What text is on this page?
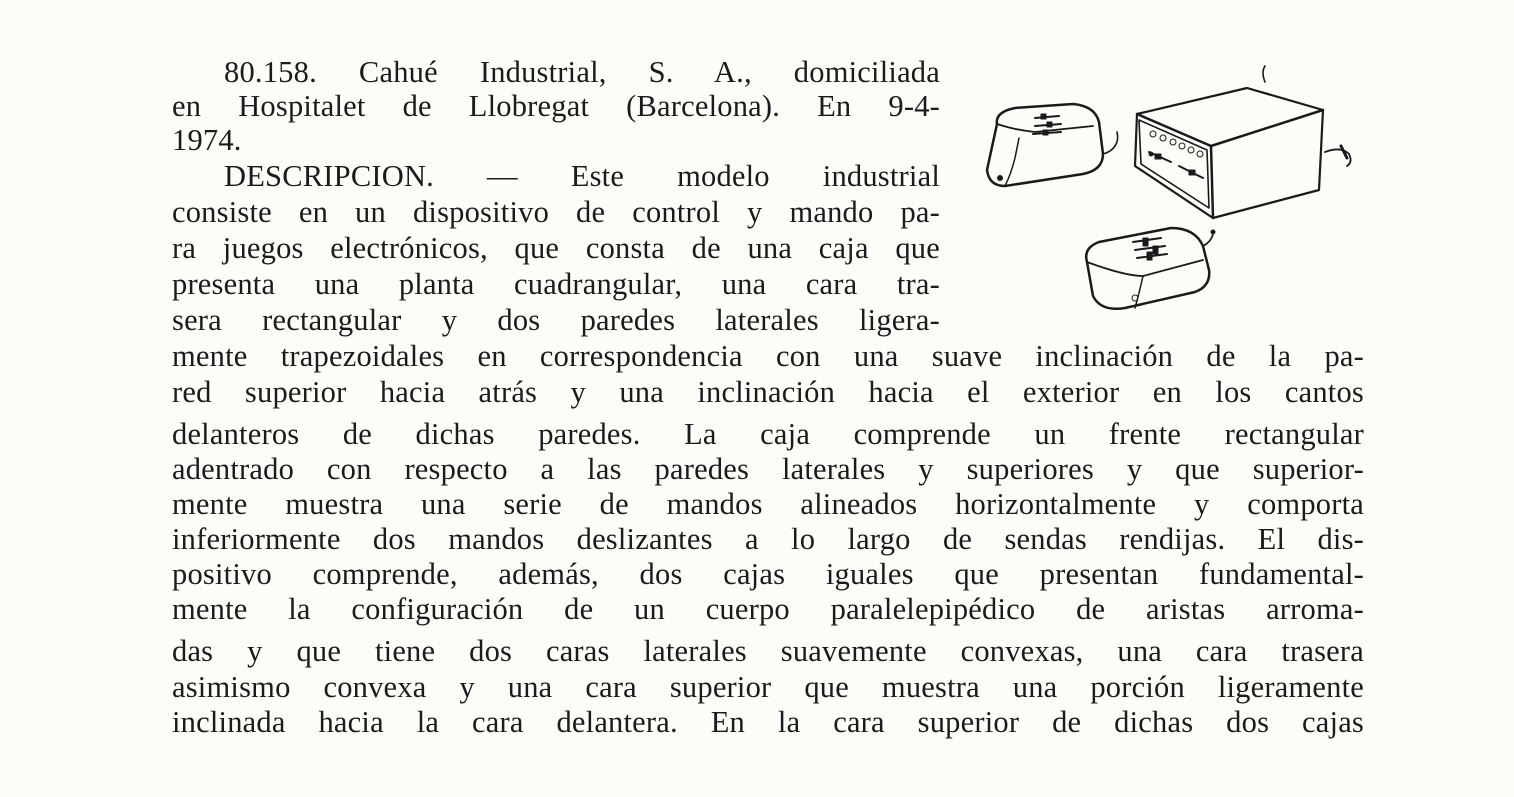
80.158. Cahué Industrial, S. A., domiciliada
en Hospitalet de Llobregat (Barcelona). En 9-4-
1974.
DESCRIPCION. — Este modelo industrial
consiste en un dispositivo de control y mando pa-
ra juegos electrónicos, que consta de una caja que
presenta una planta cuadrangular, una cara tra-
sera rectangular y dos paredes laterales ligera-
mente trapezoidales en correspondencia con una suave inclinación de la pa-
red superior hacia atrás y una inclinación hacia el exterior en los cantos
delanteros de dichas paredes. La caja comprende un frente rectangular
adentrado con respecto a las paredes laterales y superiores y que superior-
mente muestra una serie de mandos alineados horizontalmente y comporta
inferiormente dos mandos deslizantes a lo largo de sendas rendijas. El dis-
positivo comprende, además, dos cajas iguales que presentan fundamental-
mente la configuración de un cuerpo paralelepipédico de aristas arroma-
das y que tiene dos caras laterales suavemente convexas, una cara trasera
asimismo convexa y una cara superior que muestra una porción ligeramente
inclinada hacia la cara delantera. En la cara superior de dichas dos cajas
